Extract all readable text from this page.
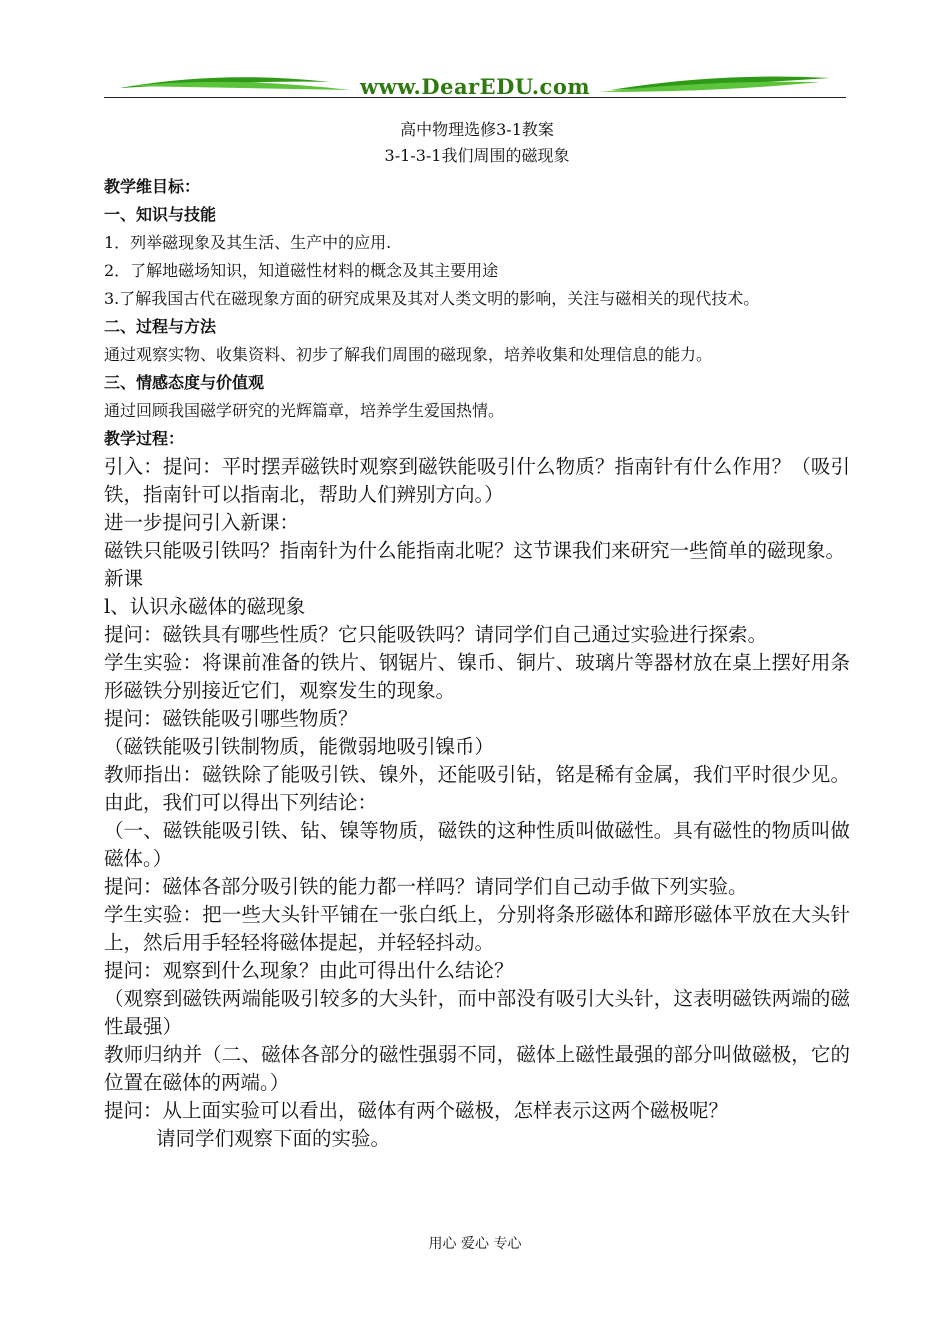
www.DearEDU.com
高中物理选修3-1教案
3-1-3-1我们周围的磁现象
教学维目标：
一、知识与技能
1．列举磁现象及其生活、生产中的应用.
2．了解地磁场知识，知道磁性材料的概念及其主要用途
3.了解我国古代在磁现象方面的研究成果及其对人类文明的影响，关注与磁相关的现代技术。
二、过程与方法
通过观察实物、收集资料、初步了解我们周围的磁现象，培养收集和处理信息的能力。
三、情感态度与价值观
通过回顾我国磁学研究的光辉篇章，培养学生爱国热情。
教学过程：
引入：提问：平时摆弄磁铁时观察到磁铁能吸引什么物质？指南针有什么作用？（吸引铁，指南针可以指南北，帮助人们辨别方向。）
进一步提问引入新课：
磁铁只能吸引铁吗？指南针为什么能指南北呢？这节课我们来研究一些简单的磁现象。
新课
l、认识永磁体的磁现象
提问：磁铁具有哪些性质？它只能吸铁吗？请同学们自己通过实验进行探索。
学生实验：将课前准备的铁片、钢锯片、镍币、铜片、玻璃片等器材放在桌上摆好用条形磁铁分别接近它们，观察发生的现象。
提问：磁铁能吸引哪些物质？
（磁铁能吸引铁制物质，能微弱地吸引镍币）
教师指出：磁铁除了能吸引铁、镍外，还能吸引钻，铭是稀有金属，我们平时很少见。由此，我们可以得出下列结论：
（一、磁铁能吸引铁、钻、镍等物质，磁铁的这种性质叫做磁性。具有磁性的物质叫做磁体。）
提问：磁体各部分吸引铁的能力都一样吗？请同学们自己动手做下列实验。
学生实验：把一些大头针平铺在一张白纸上，分别将条形磁体和蹄形磁体平放在大头针上，然后用手轻轻将磁体提起，并轻轻抖动。
提问：观察到什么现象？由此可得出什么结论？
（观察到磁铁两端能吸引较多的大头针，而中部没有吸引大头针，这表明磁铁两端的磁性最强）
教师归纳并（二、磁体各部分的磁性强弱不同，磁体上磁性最强的部分叫做磁极，它的位置在磁体的两端。）
提问：从上面实验可以看出，磁体有两个磁极，怎样表示这两个磁极呢？
请同学们观察下面的实验。
用心 爱心 专心
